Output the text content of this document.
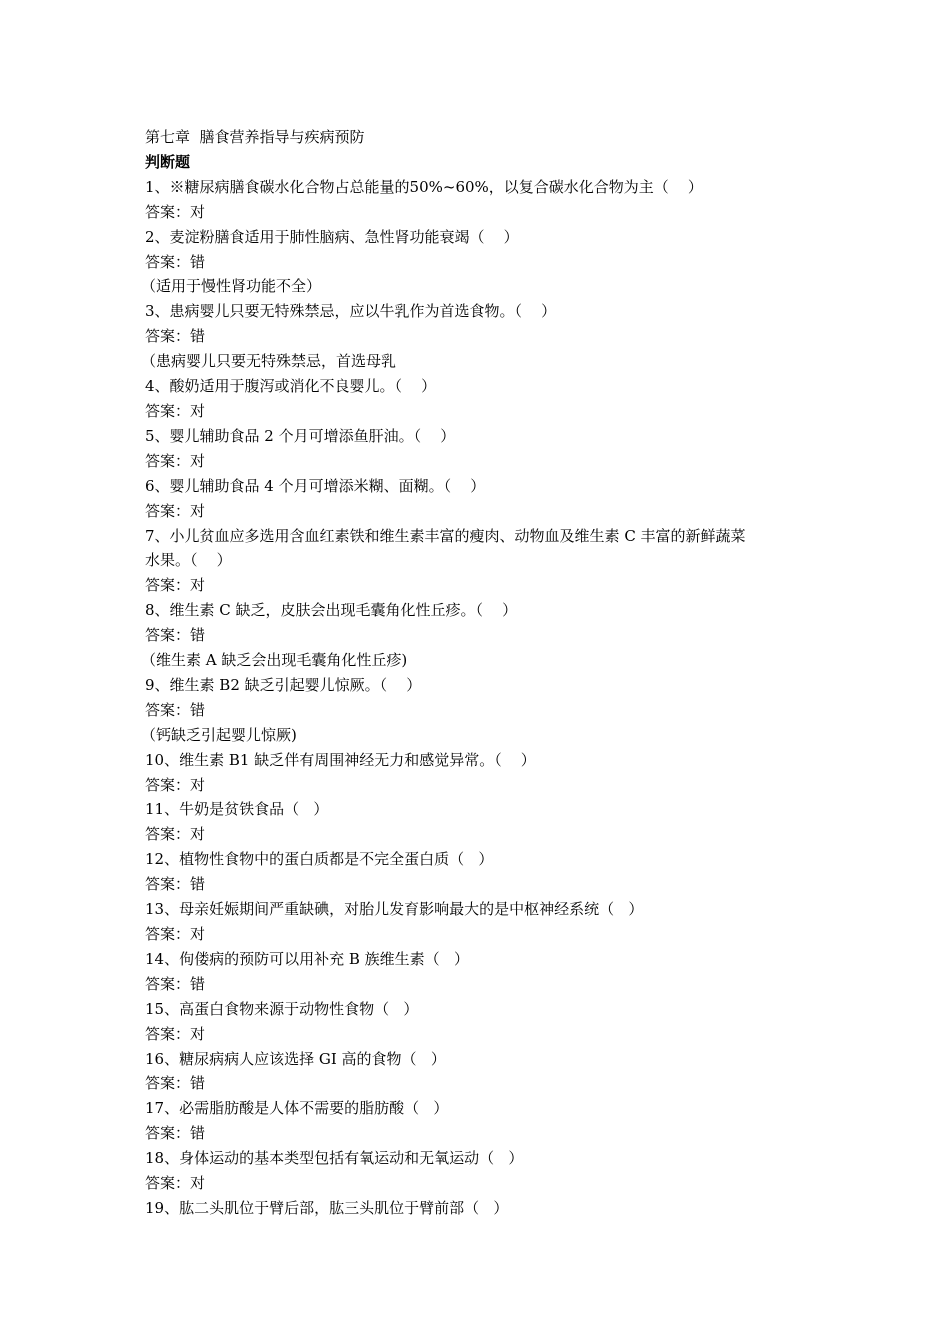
第七章  膳食营养指导与疾病预防
判断题
1、※糖尿病膳食碳水化合物占总能量的50%~60%，以复合碳水化合物为主（    ）
答案：对
2、麦淀粉膳食适用于肺性脑病、急性肾功能衰竭（    ）
答案：错
（适用于慢性肾功能不全）
3、患病婴儿只要无特殊禁忌，应以牛乳作为首选食物。（    ）
答案：错
（患病婴儿只要无特殊禁忌，首选母乳
4、酸奶适用于腹泻或消化不良婴儿。（    ）
答案：对
5、婴儿辅助食品 2 个月可增添鱼肝油。（    ）
答案：对
6、婴儿辅助食品 4 个月可增添米糊、面糊。（    ）
答案：对
7、小儿贫血应多选用含血红素铁和维生素丰富的瘦肉、动物血及维生素 C 丰富的新鲜蔬菜
水果。（    ）
答案：对
8、维生素 C 缺乏，皮肤会出现毛囊角化性丘疹。（    ）
答案：错
（维生素 A 缺乏会出现毛囊角化性丘疹)
9、维生素 B2 缺乏引起婴儿惊厥。（    ）
答案：错
（钙缺乏引起婴儿惊厥)
10、维生素 B1 缺乏伴有周围神经无力和感觉异常。（    ）
答案：对
11、牛奶是贫铁食品（   ）
答案：对
12、植物性食物中的蛋白质都是不完全蛋白质（   ）
答案：错
13、母亲妊娠期间严重缺碘，对胎儿发育影响最大的是中枢神经系统（   ）
答案：对
14、佝偻病的预防可以用补充 B 族维生素（   ）
答案：错
15、高蛋白食物来源于动物性食物（   ）
答案：对
16、糖尿病病人应该选择 GI 高的食物（   ）
答案：错
17、必需脂肪酸是人体不需要的脂肪酸（   ）
答案：错
18、身体运动的基本类型包括有氧运动和无氧运动（   ）
答案：对
19、肱二头肌位于臂后部，肱三头肌位于臂前部（   ）
